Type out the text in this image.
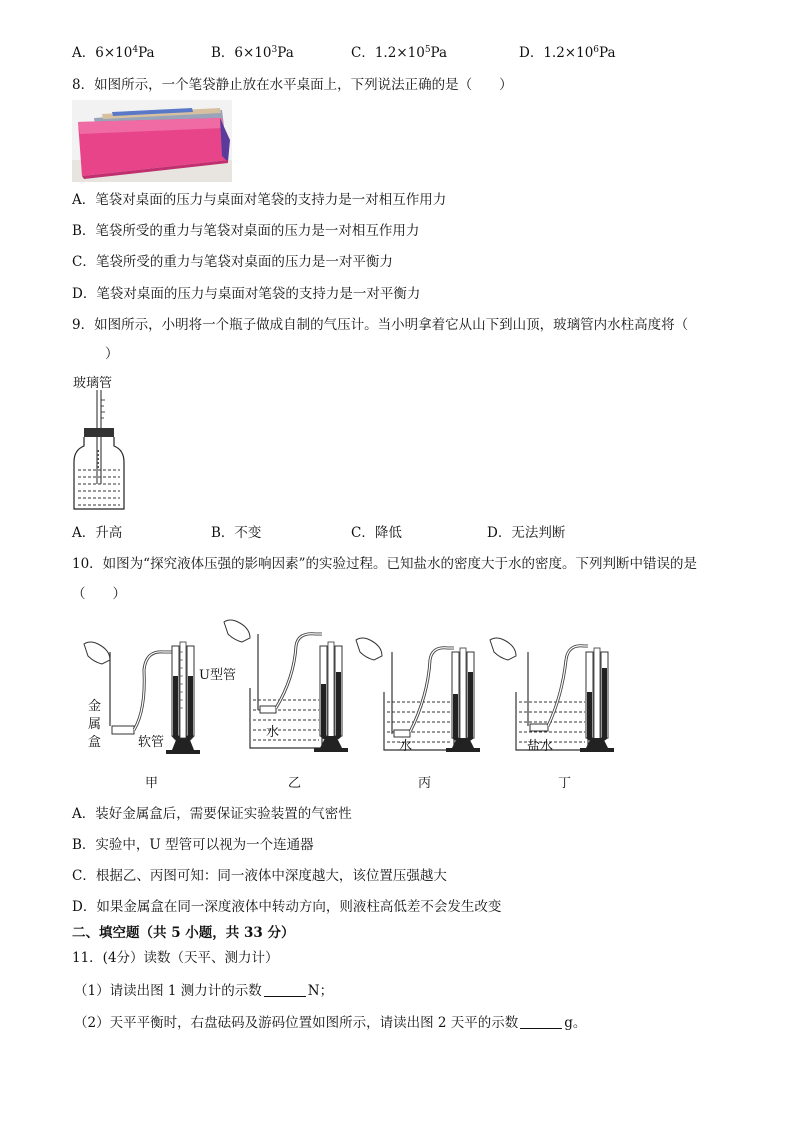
A．$6\times 10^4Pa$	B．$6\times 10^3Pa$	C．$1.2\times 10^5Pa$	D．$1.2\times 10^6Pa$
8．如图所示，一个笔袋静止放在水平桌面上，下列说法正确的是（　　）
A．笔袋对桌面的压力与桌面对笔袋的支持力是一对相互作用力
B．笔袋所受的重力与笔袋对桌面的压力是一对相互作用力
C．笔袋所受的重力与笔袋对桌面的压力是一对平衡力
D．笔袋对桌面的压力与桌面对笔袋的支持力是一对平衡力
9．如图所示，小明将一个瓶子做成自制的气压计。当小明拿着它从山下到山顶，玻璃管内水柱高度将（
　　）
玻璃管
A．升高	B．不变	C．降低	D．无法判断
10．如图为“探究液体压强的影响因素”的实验过程。已知盐水的密度大于水的密度。下列判断中错误的是
（　　）
U型管
金
属
盒	软管
水
水	盐水
甲	乙	丙	丁
A．装好金属盒后，需要保证实验装置的气密性
B．实验中，U 型管可以视为一个连通器
C．根据乙、丙图可知：同一液体中深度越大，该位置压强越大
D．如果金属盒在同一深度液体中转动方向，则液柱高低差不会发生改变
二、填空题（共 5 小题，共 33 分）
11．(4分）读数（天平、测力计）
（1）请读出图 1 测力计的示数	N；
（2）天平平衡时，右盘砝码及游码位置如图所示，请读出图 2 天平的示数	g。
